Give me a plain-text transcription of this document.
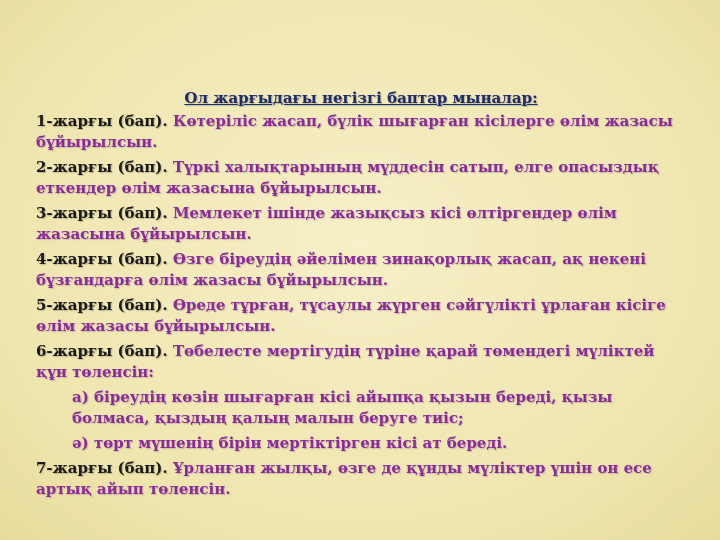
Ол жарғыдағы негізгі баптар мыналар:
1-жарғы (бап). Көтеріліс жасап, бүлік шығарған кісілерге өлім жазасы бұйырылсын.
2-жарғы (бап). Түркі халықтарының мүддесін сатып, елге опасыздық еткендер өлім жазасына бұйырылсын.
3-жарғы (бап). Мемлекет ішінде жазықсыз кісі өлтіргендер өлім жазасына бұйырылсын.
4-жарғы (бап). Өзге біреудің әйелімен зинақорлық жасап, ақ некені бұзғандарға өлім жазасы бұйырылсын.
5-жарғы (бап). Өреде тұрған, тұсаулы жүрген сәйгүлікті ұрлаған кісіге өлім жазасы бұйырылсын.
6-жарғы (бап). Төбелесте мертігудің түріне қарай төмендегі мүліктей құн төленсін:
а) біреудің көзін шығарған кісі айыпқа қызын береді, қызы болмаса, қыздың қалың малын беруге тиіс;
ә) төрт мүшенің бірін мертіктірген кісі ат береді.
7-жарғы (бап). Ұрланған жылқы, өзге де құнды мүліктер үшін он есе артық айып төленсін.
